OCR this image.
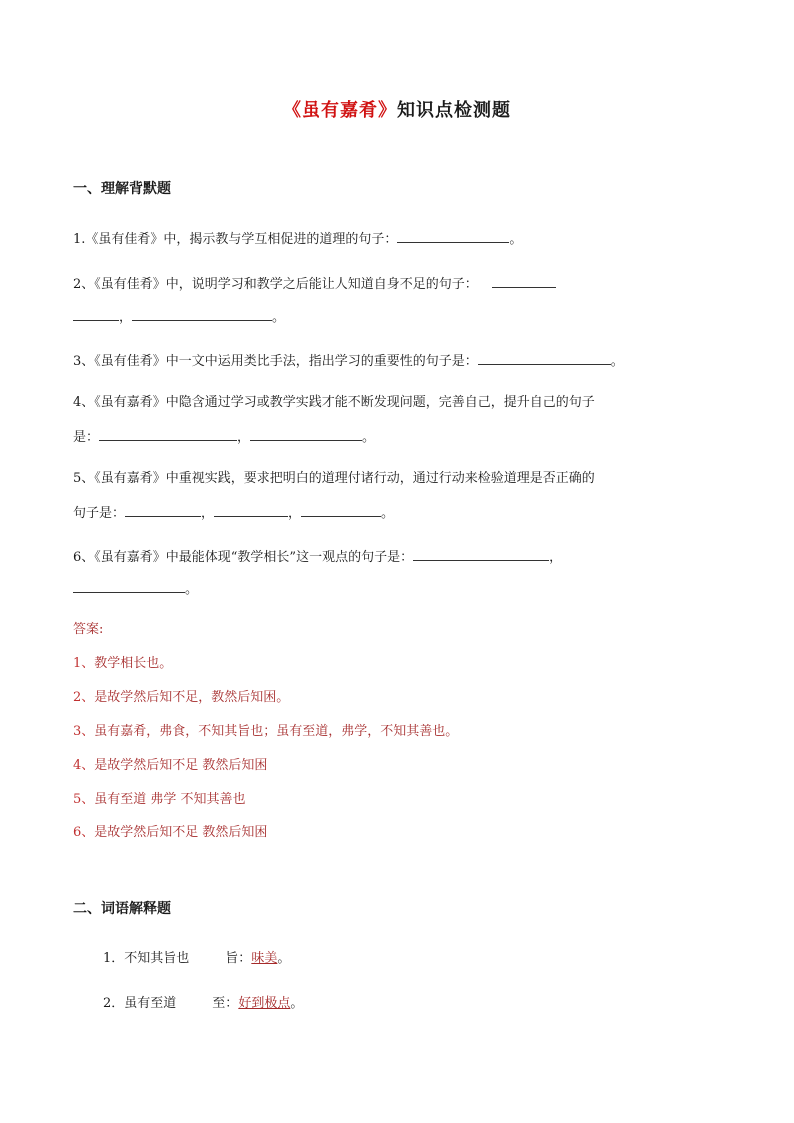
《虽有嘉肴》知识点检测题
一、理解背默题
1.《虽有佳肴》中，揭示教与学互相促进的道理的句子：	。
2、《虽有佳肴》中，说明学习和教学之后能让人知道自身不足的句子：
，	。
3、《虽有佳肴》中一文中运用类比手法，指出学习的重要性的句子是：	。
4、《虽有嘉肴》中隐含通过学习或教学实践才能不断发现问题，完善自己，提升自己的句子
是：	，	。
5、《虽有嘉肴》中重视实践，要求把明白的道理付诸行动，通过行动来检验道理是否正确的
句子是：	，	，	。
6、《虽有嘉肴》中最能体现“教学相长”这一观点的句子是：	，
。
答案:
1、教学相长也。
2、是故学然后知不足，教然后知困。
3、虽有嘉肴，弗食，不知其旨也；虽有至道，弗学，不知其善也。
4、是故学然后知不足 教然后知困
5、虽有至道 弗学 不知其善也
6、是故学然后知不足 教然后知困
二、词语解释题
1．不知其旨也	旨：味美。
2．虽有至道	至：好到极点。
